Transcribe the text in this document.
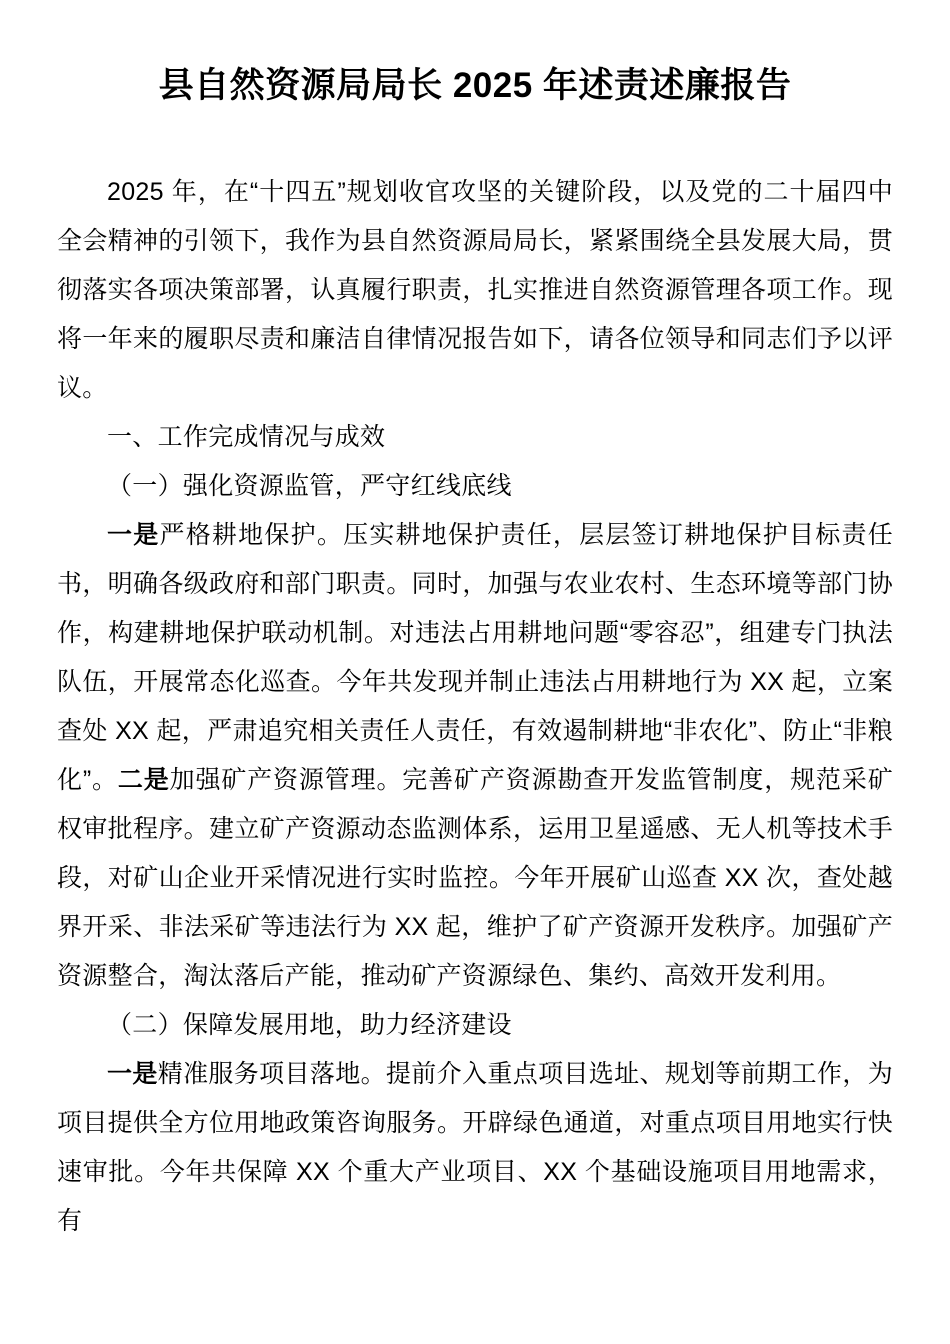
县自然资源局局长 2025 年述责述廉报告

2025 年，在“十四五”规划收官攻坚的关键阶段，以及党的二十届四中全会精神的引领下，我作为县自然资源局局长，紧紧围绕全县发展大局，贯彻落实各项决策部署，认真履行职责，扎实推进自然资源管理各项工作。现将一年来的履职尽责和廉洁自律情况报告如下，请各位领导和同志们予以评议。

一、工作完成情况与成效

（一）强化资源监管，严守红线底线

一是严格耕地保护。压实耕地保护责任，层层签订耕地保护目标责任书，明确各级政府和部门职责。同时，加强与农业农村、生态环境等部门协作，构建耕地保护联动机制。对违法占用耕地问题“零容忍”，组建专门执法队伍，开展常态化巡查。今年共发现并制止违法占用耕地行为 XX 起，立案查处 XX 起，严肃追究相关责任人责任，有效遏制耕地“非农化”、防止“非粮化”。二是加强矿产资源管理。完善矿产资源勘查开发监管制度，规范采矿权审批程序。建立矿产资源动态监测体系，运用卫星遥感、无人机等技术手段，对矿山企业开采情况进行实时监控。今年开展矿山巡查 XX 次，查处越界开采、非法采矿等违法行为 XX 起，维护了矿产资源开发秩序。加强矿产资源整合，淘汰落后产能，推动矿产资源绿色、集约、高效开发利用。

（二）保障发展用地，助力经济建设

一是精准服务项目落地。提前介入重点项目选址、规划等前期工作，为项目提供全方位用地政策咨询服务。开辟绿色通道，对重点项目用地实行快速审批。今年共保障 XX 个重大产业项目、XX 个基础设施项目用地需求，有
